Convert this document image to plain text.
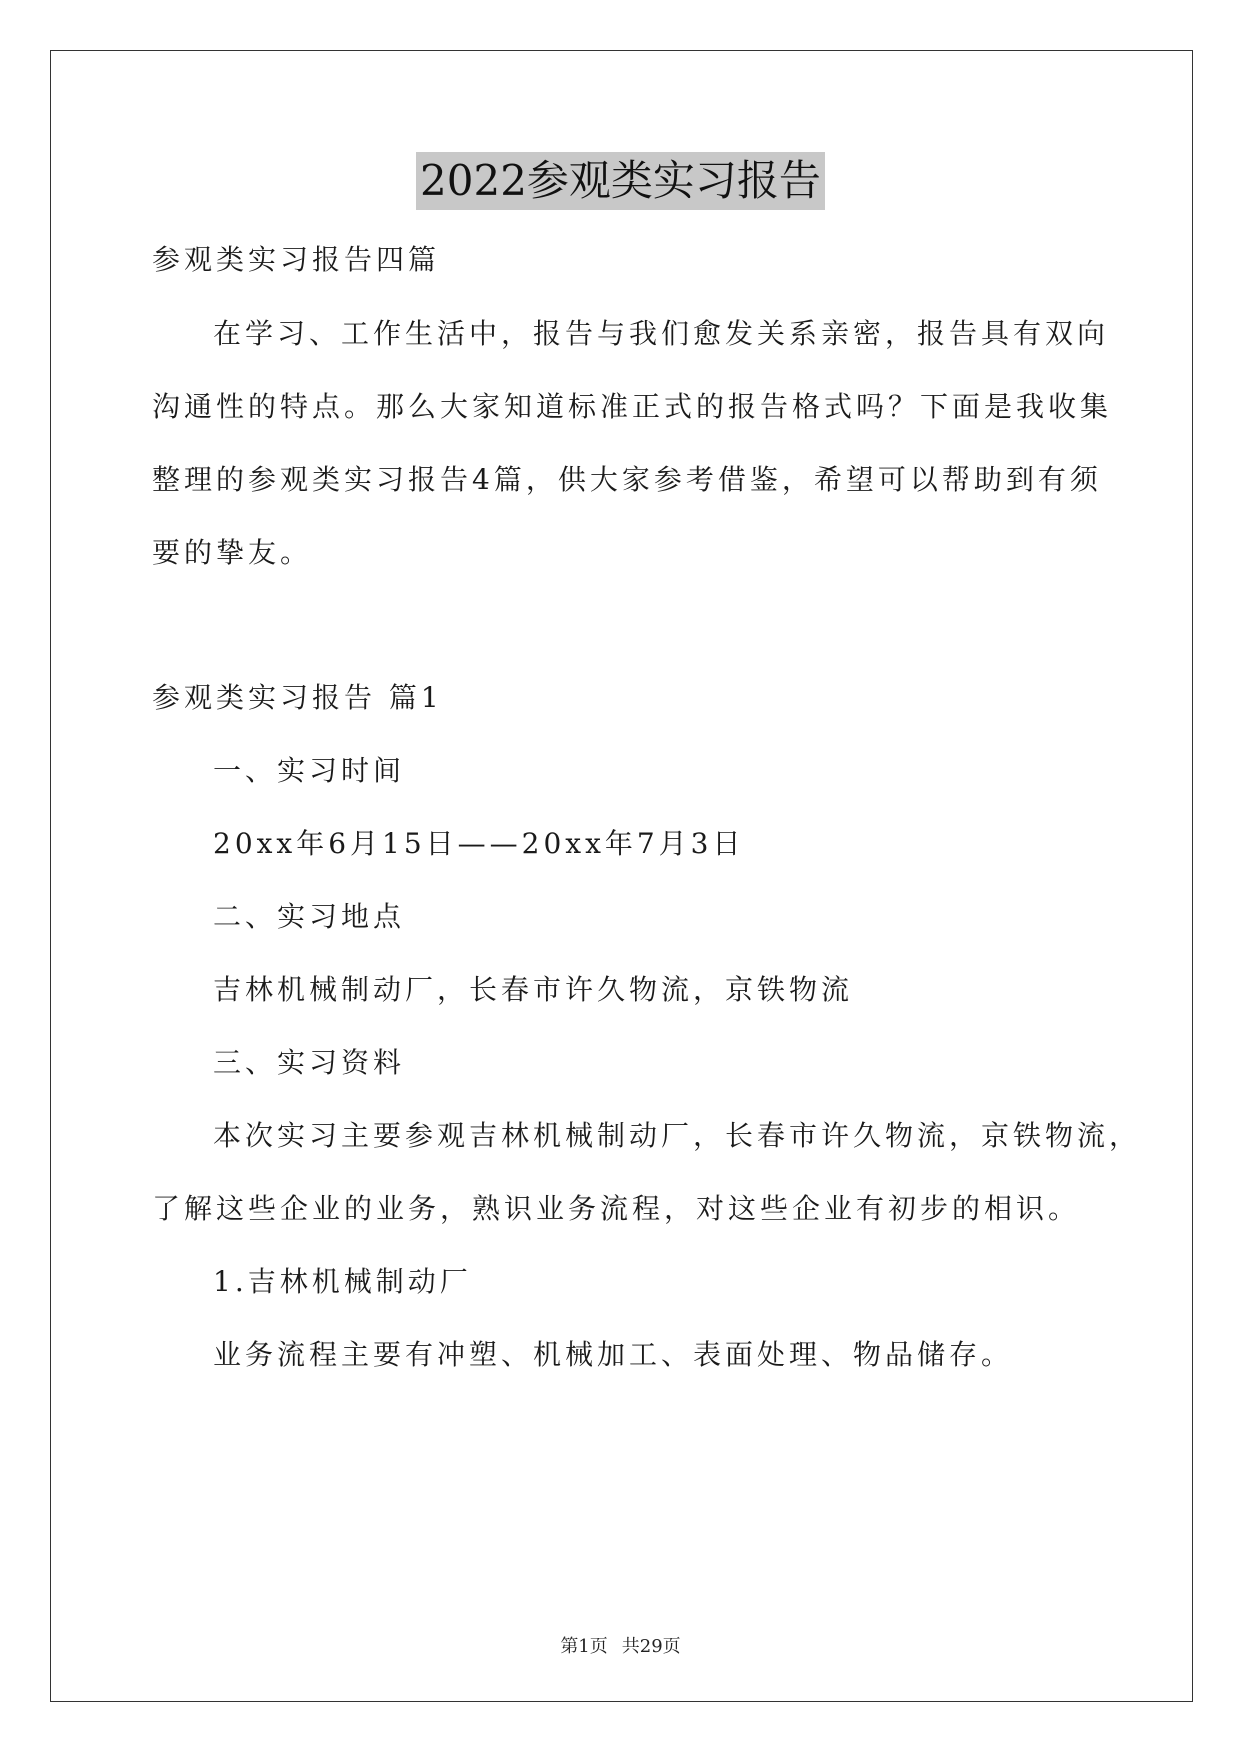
2022参观类实习报告
参观类实习报告四篇
在学习、工作生活中，报告与我们愈发关系亲密，报告具有双向
沟通性的特点。那么大家知道标准正式的报告格式吗？下面是我收集
整理的参观类实习报告4篇，供大家参考借鉴，希望可以帮助到有须
要的挚友。
参观类实习报告 篇1
一、实习时间
20xx年6月15日——20xx年7月3日
二、实习地点
吉林机械制动厂，长春市许久物流，京铁物流
三、实习资料
本次实习主要参观吉林机械制动厂，长春市许久物流，京铁物流，
了解这些企业的业务，熟识业务流程，对这些企业有初步的相识。
1.吉林机械制动厂
业务流程主要有冲塑、机械加工、表面处理、物品储存。
第1页 共29页
